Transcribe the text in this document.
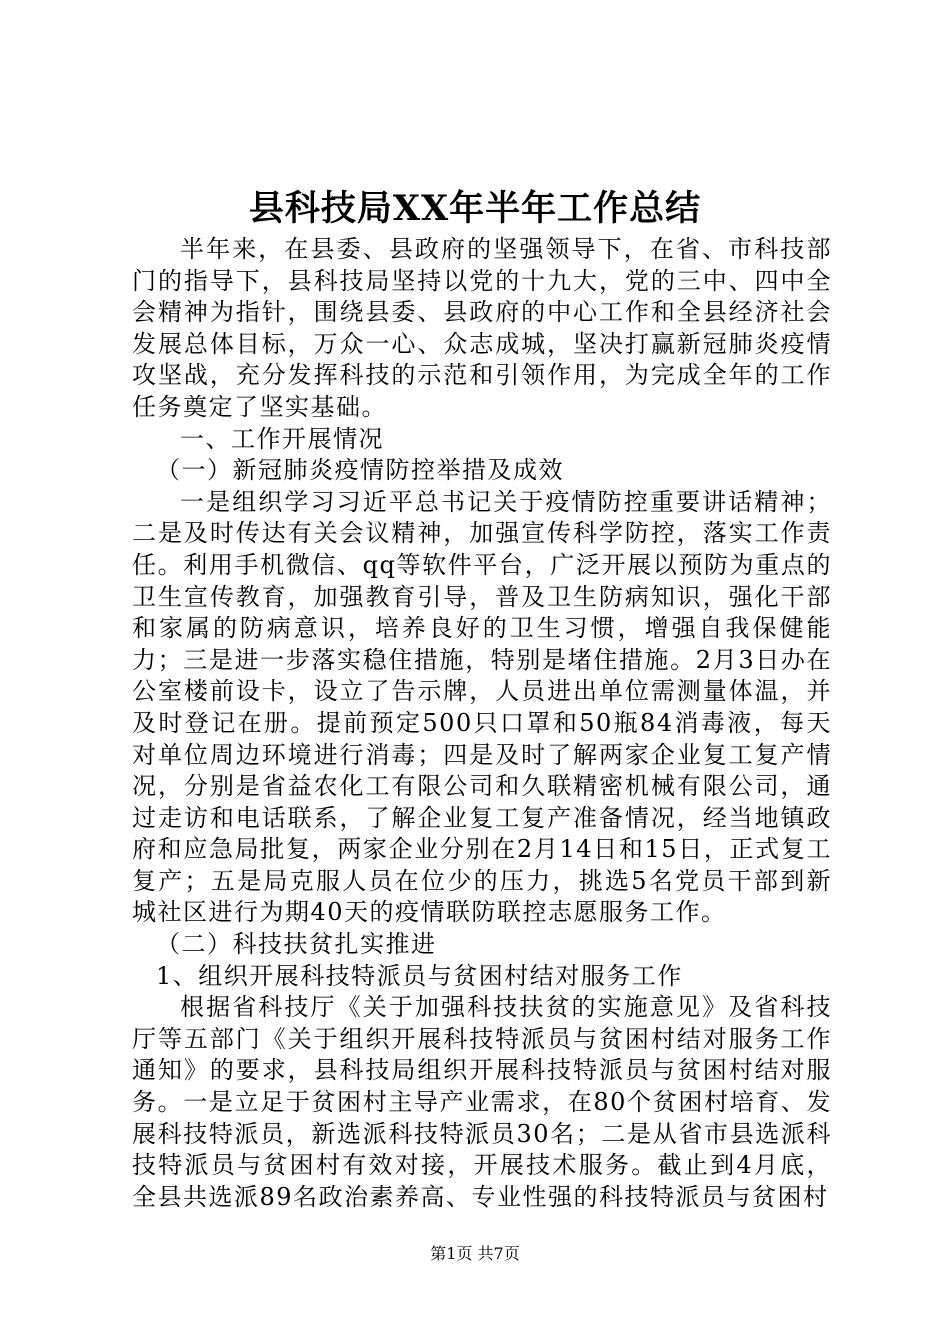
县科技局XX年半年工作总结

半年来，在县委、县政府的坚强领导下，在省、市科技部门的指导下，县科技局坚持以党的十九大，党的三中、四中全会精神为指针，围绕县委、县政府的中心工作和全县经济社会发展总体目标，万众一心、众志成城，坚决打赢新冠肺炎疫情攻坚战，充分发挥科技的示范和引领作用，为完成全年的工作任务奠定了坚实基础。

一、工作开展情况

（一）新冠肺炎疫情防控举措及成效

一是组织学习习近平总书记关于疫情防控重要讲话精神；二是及时传达有关会议精神，加强宣传科学防控，落实工作责任。利用手机微信、qq等软件平台，广泛开展以预防为重点的卫生宣传教育，加强教育引导，普及卫生防病知识，强化干部和家属的防病意识，培养良好的卫生习惯，增强自我保健能力；三是进一步落实稳住措施，特别是堵住措施。2月3日办在公室楼前设卡，设立了告示牌，人员进出单位需测量体温，并及时登记在册。提前预定500只口罩和50瓶84消毒液，每天对单位周边环境进行消毒；四是及时了解两家企业复工复产情况，分别是省益农化工有限公司和久联精密机械有限公司，通过走访和电话联系，了解企业复工复产准备情况，经当地镇政府和应急局批复，两家企业分别在2月14日和15日，正式复工复产；五是局克服人员在位少的压力，挑选5名党员干部到新城社区进行为期40天的疫情联防联控志愿服务工作。

（二）科技扶贫扎实推进

1、组织开展科技特派员与贫困村结对服务工作

根据省科技厅《关于加强科技扶贫的实施意见》及省科技厅等五部门《关于组织开展科技特派员与贫困村结对服务工作通知》的要求，县科技局组织开展科技特派员与贫困村结对服务。一是立足于贫困村主导产业需求，在80个贫困村培育、发展科技特派员，新选派科技特派员30名；二是从省市县选派科技特派员与贫困村有效对接，开展技术服务。截止到4月底，全县共选派89名政治素养高、专业性强的科技特派员与贫困村

第1页 共7页
